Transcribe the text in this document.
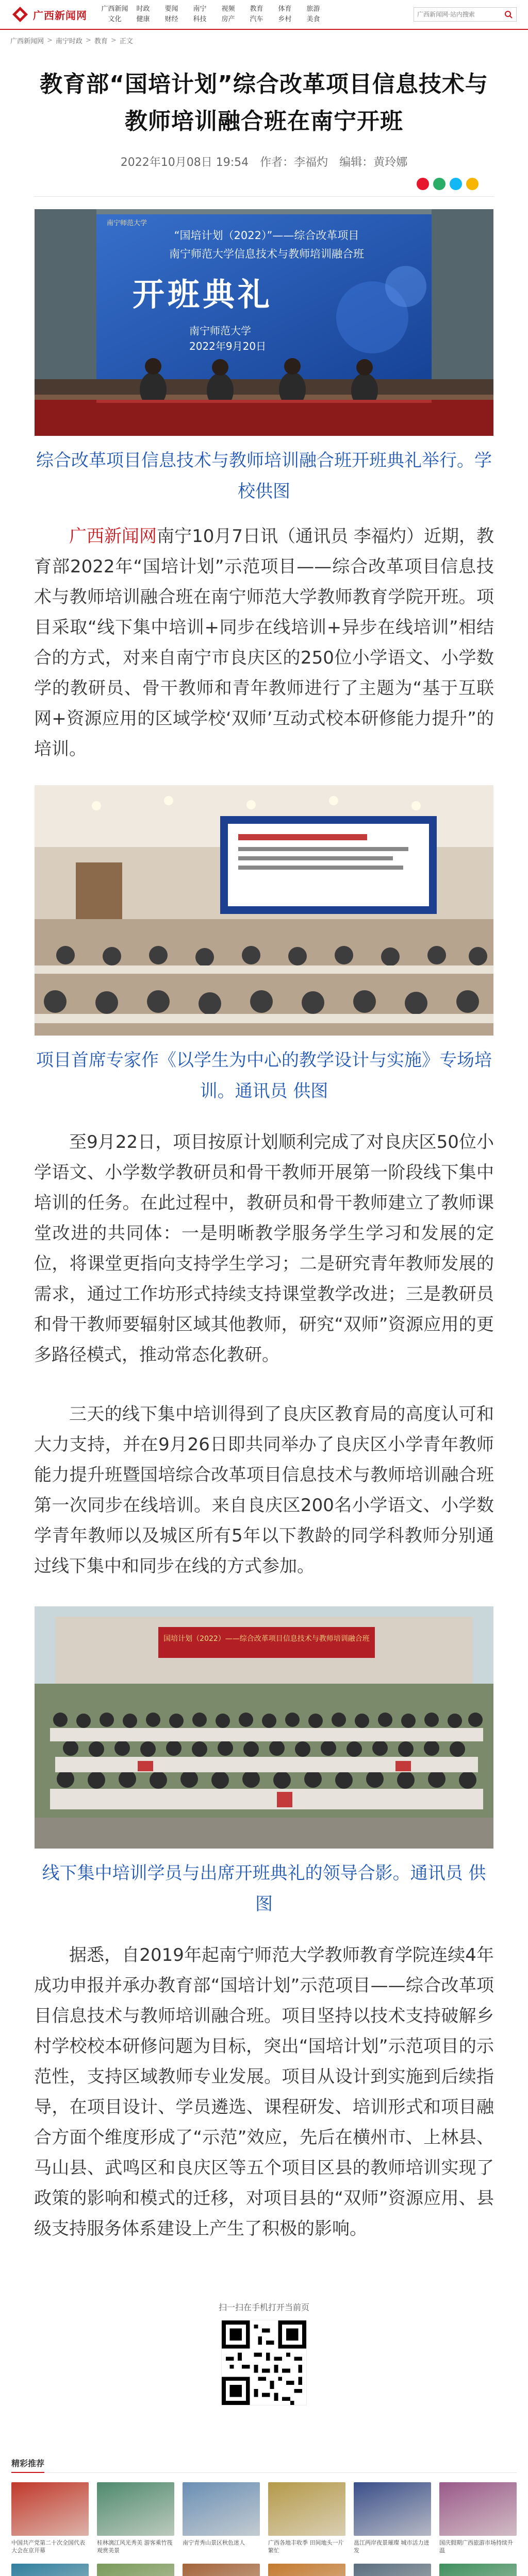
广西新闻网 广西新闻	时政	要闻	南宁	视频	教育	体育	旅游
文化	健康	财经	科技	房产	汽车	乡村	美食
广西新闻网·站内搜索
广西新闻网 > 南宁时政 > 教育 > 正文
教育部“国培计划”综合改革项目信息技术与教师培训融合班在南宁开班
2022年10月08日 19:54 作者：李福灼 编辑：黄玲娜
“国培计划（2022）”——综合改革项目
南宁师范大学信息技术与教师培训融合班
开班典礼
南宁师范大学
2022年9月20日
南宁师范大学

综合改革项目信息技术与教师培训融合班开班典礼举行。学校供图

广西新闻网南宁10月7日讯（通讯员 李福灼）近期，教育部2022年“国培计划”示范项目——综合改革项目信息技术与教师培训融合班在南宁师范大学教师教育学院开班。项目采取“线下集中培训+同步在线培训+异步在线培训”相结合的方式，对来自南宁市良庆区的250位小学语文、小学数学的教研员、骨干教师和青年教师进行了主题为“基于互联网+资源应用的区域学校‘双师’互动式校本研修能力提升”的培训。

项目首席专家作《以学生为中心的教学设计与实施》专场培训。通讯员 供图

至9月22日，项目按原计划顺利完成了对良庆区50位小学语文、小学数学教研员和骨干教师开展第一阶段线下集中培训的任务。在此过程中，教研员和骨干教师建立了教师课堂改进的共同体：一是明晰教学服务学生学习和发展的定位，将课堂更指向支持学生学习；二是研究青年教师发展的需求，通过工作坊形式持续支持课堂教学改进；三是教研员和骨干教师要辐射区域其他教师，研究“双师”资源应用的更多路径模式，推动常态化教研。

三天的线下集中培训得到了良庆区教育局的高度认可和大力支持，并在9月26日即共同举办了良庆区小学青年教师能力提升班暨国培综合改革项目信息技术与教师培训融合班第一次同步在线培训。来自良庆区200名小学语文、小学数学青年教师以及城区所有5年以下教龄的同学科教师分别通过线下集中和同步在线的方式参加。

国培计划（2022）——综合改革项目信息技术与教师培训融合班

线下集中培训学员与出席开班典礼的领导合影。通讯员 供图

据悉，自2019年起南宁师范大学教师教育学院连续4年成功申报并承办教育部“国培计划”示范项目——综合改革项目信息技术与教师培训融合班。项目坚持以技术支持破解乡村学校校本研修问题为目标，突出“国培计划”示范项目的示范性，支持区域教师专业发展。项目从设计到实施到后续指导，在项目设计、学员遴选、课程研发、培训形式和项目融合方面个维度形成了“示范”效应，先后在横州市、上林县、马山县、武鸣区和良庆区等五个项目区县的教师培训实现了政策的影响和模式的迁移，对项目县的“双师”资源应用、县级支持服务体系建设上产生了积极的影响。

扫一扫在手机打开当前页

精彩推荐
中国共产党第二十次全国代表大会在京开幕
桂林漓江风光秀美 游客乘竹筏观赏美景
南宁青秀山景区秋色迷人	广西各地丰收季 田间地头一片繁忙
邕江两岸夜景璀璨 城市活力迸发
国庆假期广西旅游市场持续升温
